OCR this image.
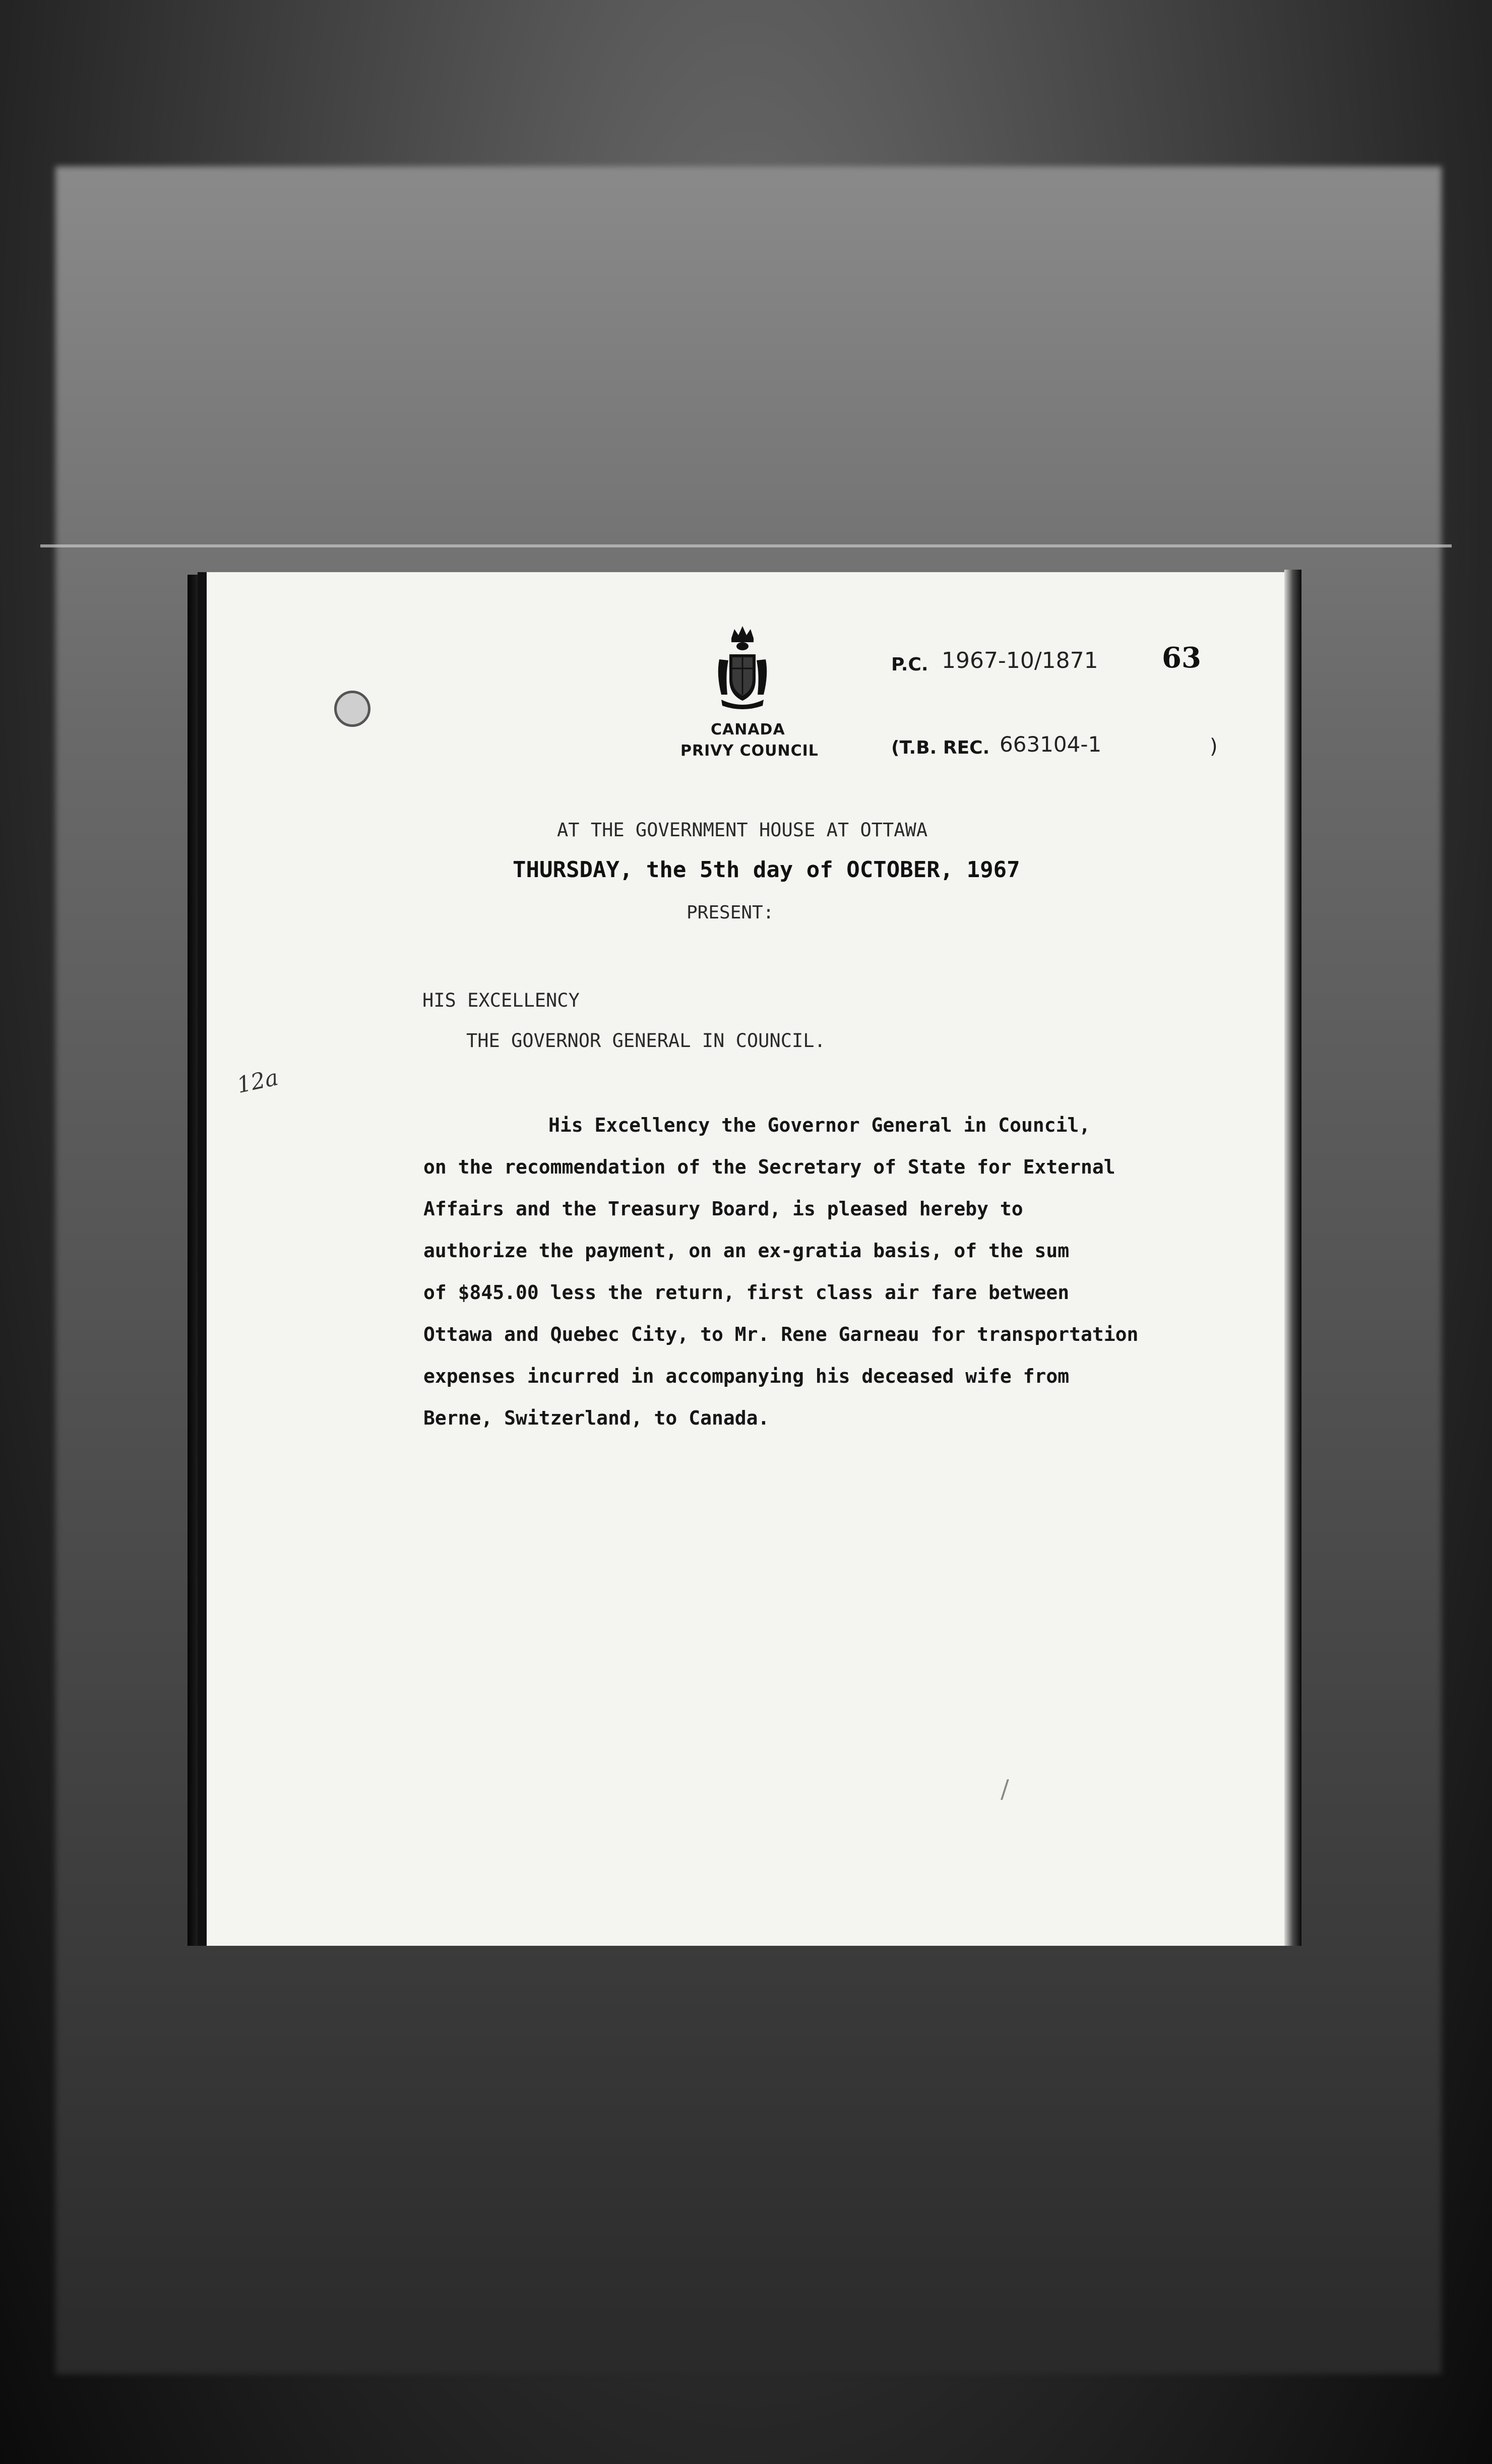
CANADA
PRIVY COUNCIL
P.C. 1967-10/1871 63
(T.B. REC. 663104-1	)
AT THE GOVERNMENT HOUSE AT OTTAWA
THURSDAY, the 5th day of OCTOBER, 1967
PRESENT:
HIS EXCELLENCY
THE GOVERNOR GENERAL IN COUNCIL.
12a
His Excellency the Governor General in Council,
on the recommendation of the Secretary of State for External
Affairs and the Treasury Board, is pleased hereby to
authorize the payment, on an ex-gratia basis, of the sum
of $845.00 less the return, first class air fare between
Ottawa and Quebec City, to Mr. Rene Garneau for transportation
expenses incurred in accompanying his deceased wife from
Berne, Switzerland, to Canada.
/
